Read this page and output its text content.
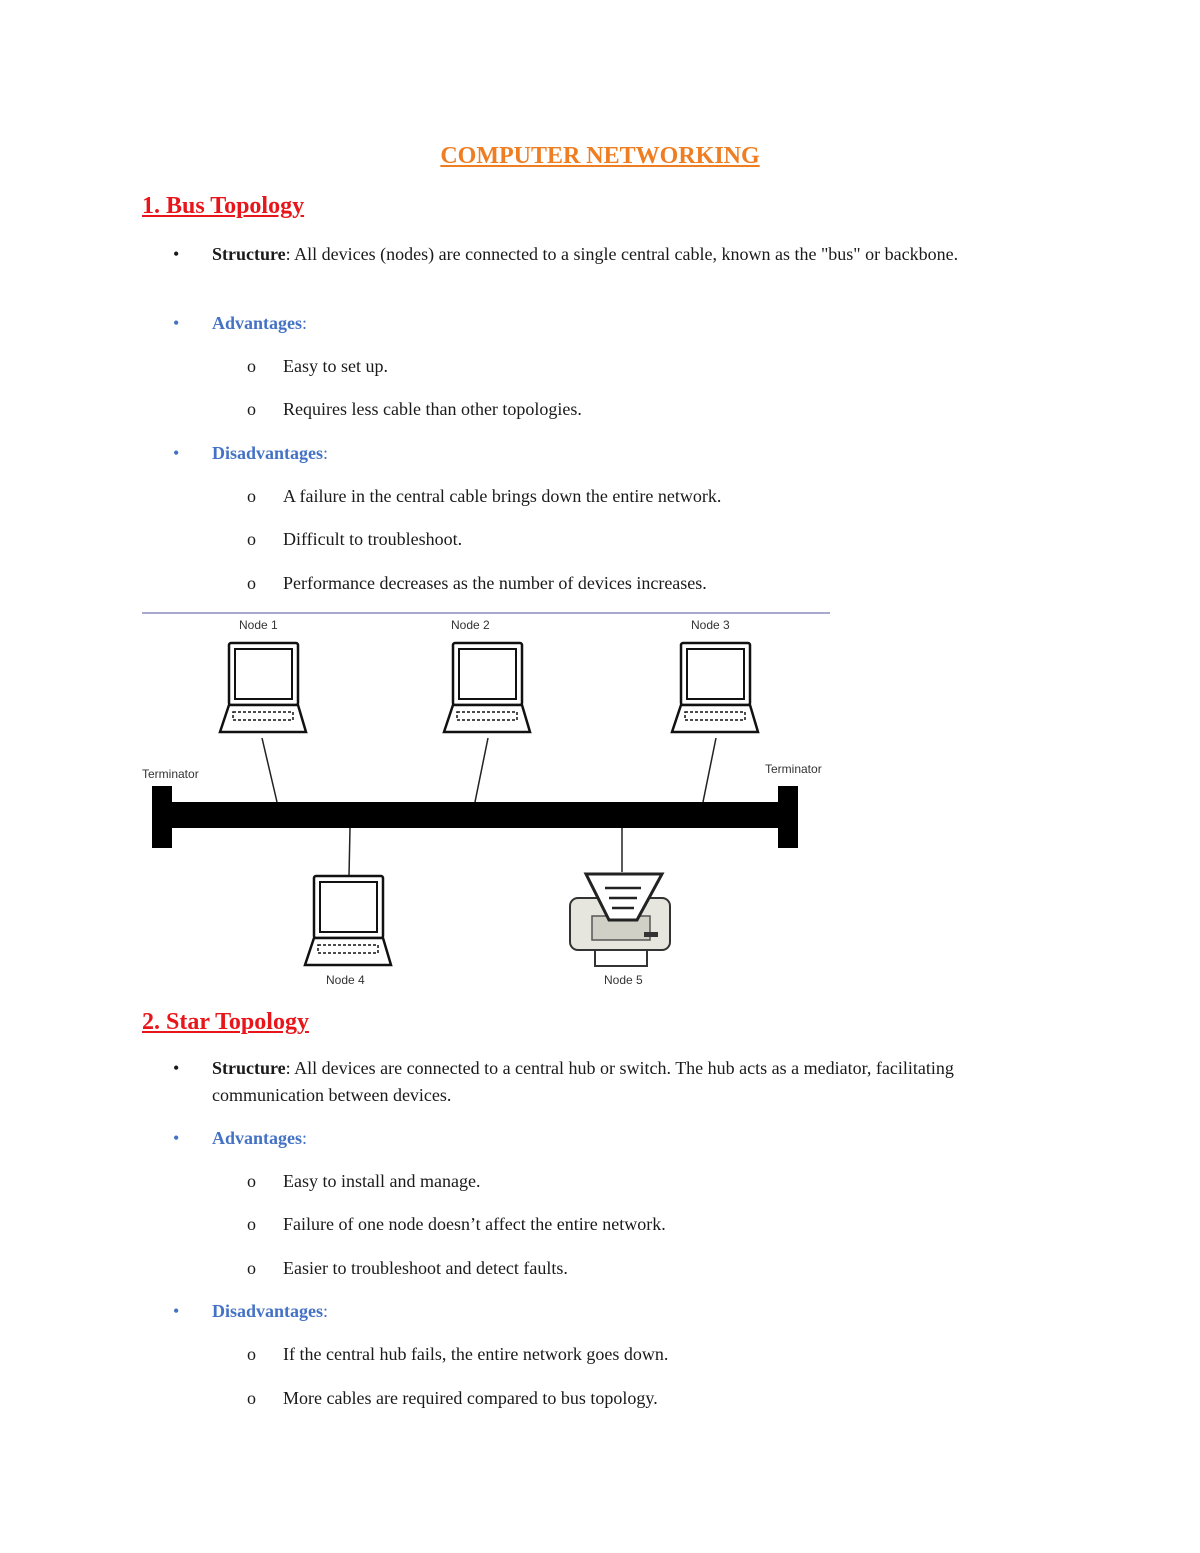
COMPUTER NETWORKING
1. Bus Topology
•	Structure: All devices (nodes) are connected to a single central cable, known as the "bus" or backbone.
•	Advantages:
o Easy to set up.
o Requires less cable than other topologies.
•	Disadvantages:
o A failure in the central cable brings down the entire network.
o Difficult to troubleshoot.
o Performance decreases as the number of devices increases.
Node 1	Node 2	Node 3
Terminator	Terminator
Node 4	Node 5
2. Star Topology
•	Structure: All devices are connected to a central hub or switch. The hub acts as a mediator, facilitating communication between devices.
•	Advantages:
o Easy to install and manage.
o Failure of one node doesn’t affect the entire network.
o Easier to troubleshoot and detect faults.
•	Disadvantages:
o If the central hub fails, the entire network goes down.
o More cables are required compared to bus topology.
